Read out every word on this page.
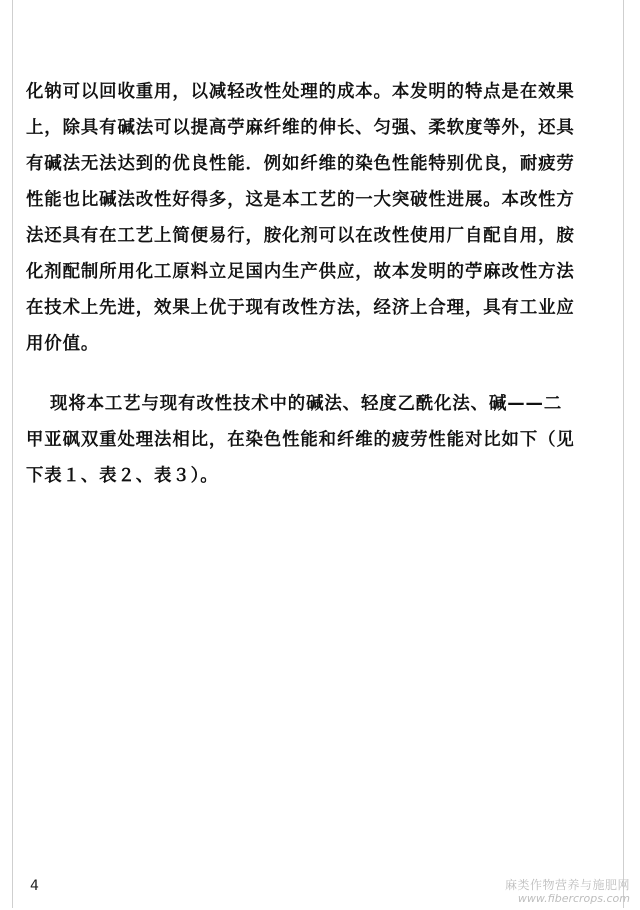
化钠可以回收重用，以减轻改性处理的成本。本发明的特点是在效果
上，除具有碱法可以提高苧麻纤维的伸长、匀强、柔软度等外，还具
有碱法无法达到的优良性能．例如纤维的染色性能特别优良，耐疲劳
性能也比碱法改性好得多，这是本工艺的一大突破性进展。本改性方
法还具有在工艺上简便易行，胺化剂可以在改性使用厂自配自用，胺
化剂配制所用化工原料立足国内生产供应，故本发明的苧麻改性方法
在技术上先进，效果上优于现有改性方法，经济上合理，具有工业应
用价值。
现将本工艺与现有改性技术中的碱法、轻度乙酰化法、碱——二
甲亚砜双重处理法相比，在染色性能和纤维的疲劳性能对比如下（见
下表１、表２、表３）。
4	麻类作物营养与施肥网
www.fibercrops.com
